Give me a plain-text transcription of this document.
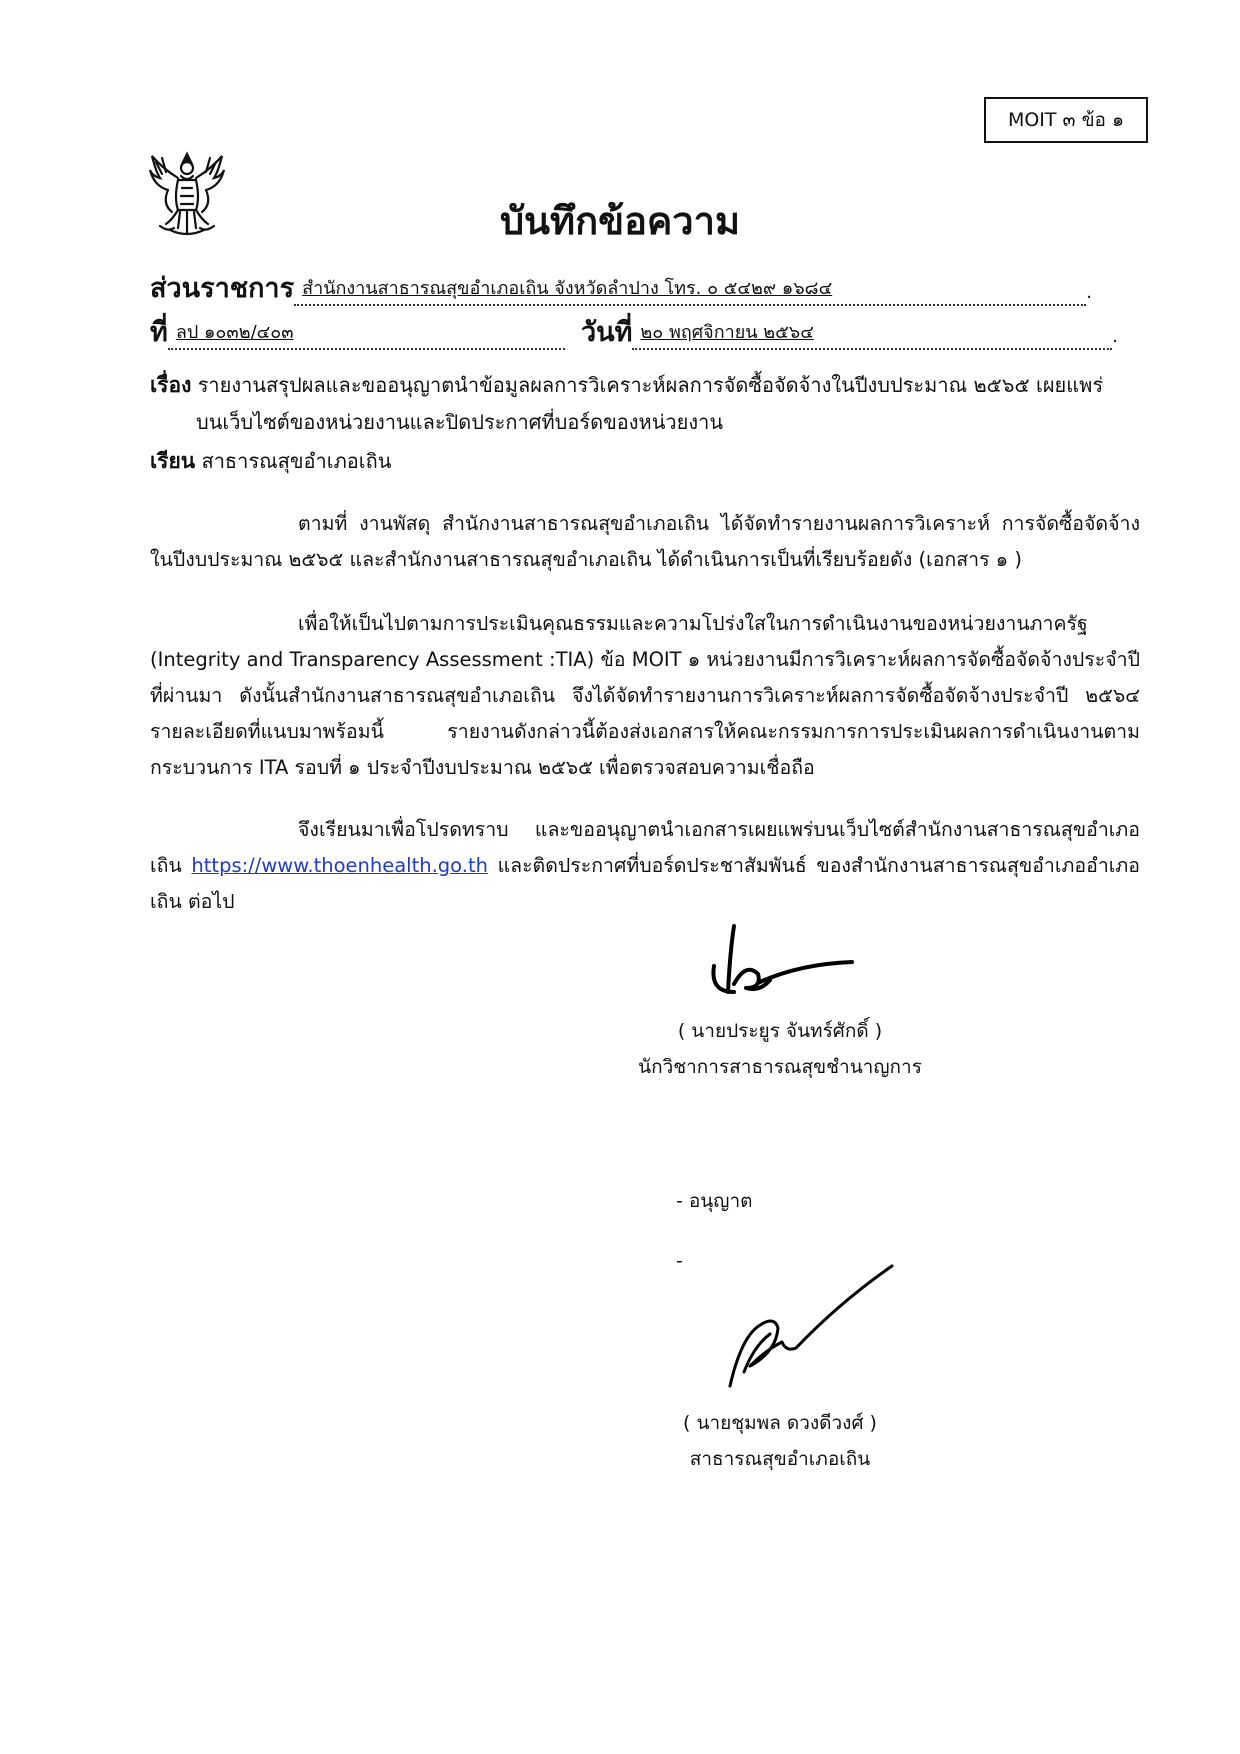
MOIT ๓ ข้อ ๑
บันทึกข้อความ
ส่วนราชการ สำนักงานสาธารณสุขอำเภอเถิน จังหวัดลำปาง โทร. ๐ ๕๔๒๙ ๑๖๘๔	.
ที่ ลป ๑๐๓๒/๔๐๓	วันที่ ๒๐ พฤศจิกายน ๒๕๖๔	.
เรื่อง รายงานสรุปผลและขออนุญาตนำข้อมูลผลการวิเคราะห์ผลการจัดซื้อจัดจ้างในปีงบประมาณ ๒๕๖๕ เผยแพร่
บนเว็บไซต์ของหน่วยงานและปิดประกาศที่บอร์ดของหน่วยงาน
เรียน สาธารณสุขอำเภอเถิน
ตามที่ งานพัสดุ สำนักงานสาธารณสุขอำเภอเถิน ได้จัดทำรายงานผลการวิเคราะห์ การจัดซื้อจัดจ้างในปีงบประมาณ ๒๕๖๕ และสำนักงานสาธารณสุขอำเภอเถิน ได้ดำเนินการเป็นที่เรียบร้อยดัง (เอกสาร ๑ )
เพื่อให้เป็นไปตามการประเมินคุณธรรมและความโปร่งใสในการดำเนินงานของหน่วยงานภาครัฐ (Integrity and Transparency Assessment :TIA) ข้อ MOIT ๑ หน่วยงานมีการวิเคราะห์ผลการจัดซื้อจัดจ้างประจำปีที่ผ่านมา ดังนั้นสำนักงานสาธารณสุขอำเภอเถิน จึงได้จัดทำรายงานการวิเคราะห์ผลการจัดซื้อจัดจ้างประจำปี ๒๕๖๔ รายละเอียดที่แนบมาพร้อมนี้ รายงานดังกล่าวนี้ต้องส่งเอกสารให้คณะกรรมการการประเมินผลการดำเนินงานตามกระบวนการ ITA รอบที่ ๑ ประจำปีงบประมาณ ๒๕๖๕ เพื่อตรวจสอบความเชื่อถือ
จึงเรียนมาเพื่อโปรดทราบ และขออนุญาตนำเอกสารเผยแพร่บนเว็บไซต์สำนักงานสาธารณสุขอำเภอเถิน https://www.thoenhealth.go.th และติดประกาศที่บอร์ดประชาสัมพันธ์ ของสำนักงานสาธารณสุขอำเภออำเภอเถิน ต่อไป
( นายประยูร จันทร์ศักดิ์ )
นักวิชาการสาธารณสุขชำนาญการ
- อนุญาต
-
( นายชุมพล ดวงดีวงศ์ )
สาธารณสุขอำเภอเถิน
